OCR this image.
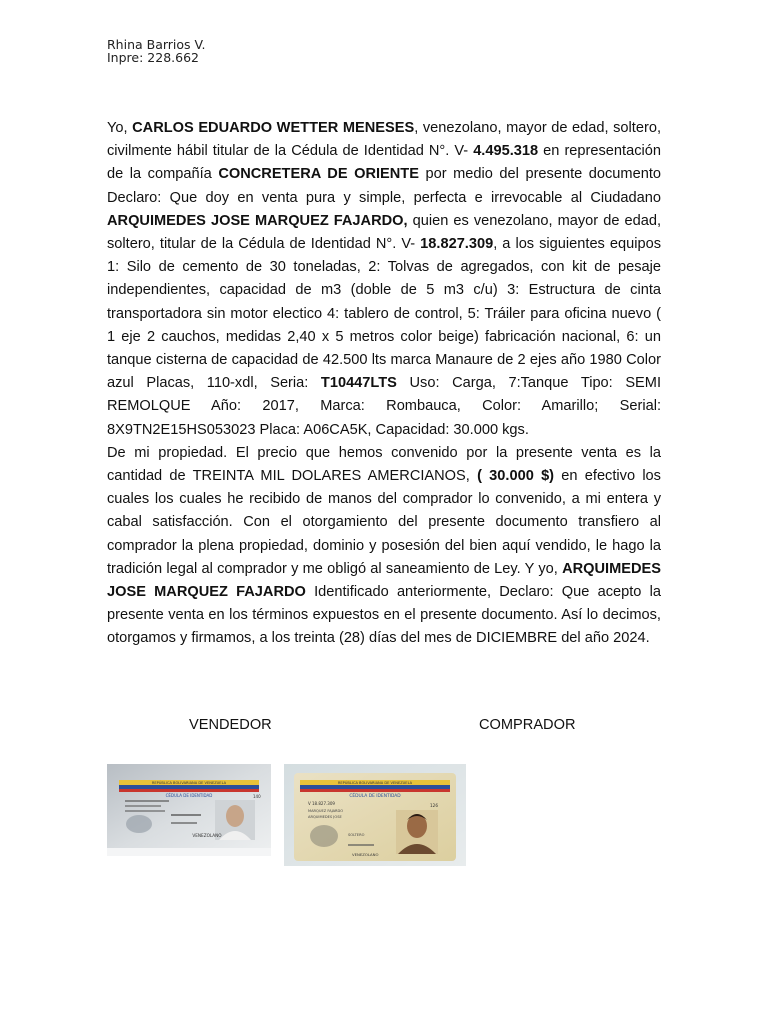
Rhina Barrios V.
Inpre: 228.662

Yo, CARLOS EDUARDO WETTER MENESES, venezolano, mayor de edad, soltero, civilmente hábil titular de la Cédula de Identidad N°. V- 4.495.318 en representación de la compañía CONCRETERA DE ORIENTE por medio del presente documento Declaro: Que doy en venta pura y simple, perfecta e irrevocable al Ciudadano ARQUIMEDES JOSE MARQUEZ FAJARDO, quien es venezolano, mayor de edad, soltero, titular de la Cédula de Identidad N°. V- 18.827.309, a los siguientes equipos 1: Silo de cemento de 30 toneladas, 2: Tolvas de agregados, con kit de pesaje independientes, capacidad de m3 (doble de 5 m3 c/u) 3: Estructura de cinta transportadora sin motor electico 4: tablero de control, 5: Tráiler para oficina nuevo ( 1 eje 2 cauchos, medidas 2,40 x 5 metros color beige) fabricación nacional, 6: un tanque cisterna de capacidad de 42.500 lts marca Manaure de 2 ejes año 1980 Color azul Placas, 110-xdl, Seria: T10447LTS Uso: Carga, 7:Tanque Tipo: SEMI REMOLQUE Año: 2017, Marca: Rombauca, Color: Amarillo; Serial: 8X9TN2E15HS053023 Placa: A06CA5K, Capacidad: 30.000 kgs.

De mi propiedad. El precio que hemos convenido por la presente venta es la cantidad de TREINTA MIL DOLARES AMERCIANOS, ( 30.000 $) en efectivo los cuales los cuales he recibido de manos del comprador lo convenido, a mi entera y cabal satisfacción. Con el otorgamiento del presente documento transfiero al comprador la plena propiedad, dominio y posesión del bien aquí vendido, le hago la tradición legal al comprador y me obligó al saneamiento de Ley. Y yo, ARQUIMEDES JOSE MARQUEZ FAJARDO Identificado anteriormente, Declaro: Que acepto la presente venta en los términos expuestos en el presente documento. Así lo decimos, otorgamos y firmamos, a los treinta (28) días del mes de DICIEMBRE del año 2024.

VENDEDOR	COMPRADOR
REPÚBLICA BOLIVARIANA DE VENEZUELA
CÉDULA DE IDENTIDAD	140
VENEZOLANO
REPÚBLICA BOLIVARIANA DE VENEZUELA
CÉDULA DE IDENTIDAD
V 18.827.309	126
MARQUEZ FAJARDO
ARQUIMEDES JOSE
SOLTERO
VENEZOLANO
